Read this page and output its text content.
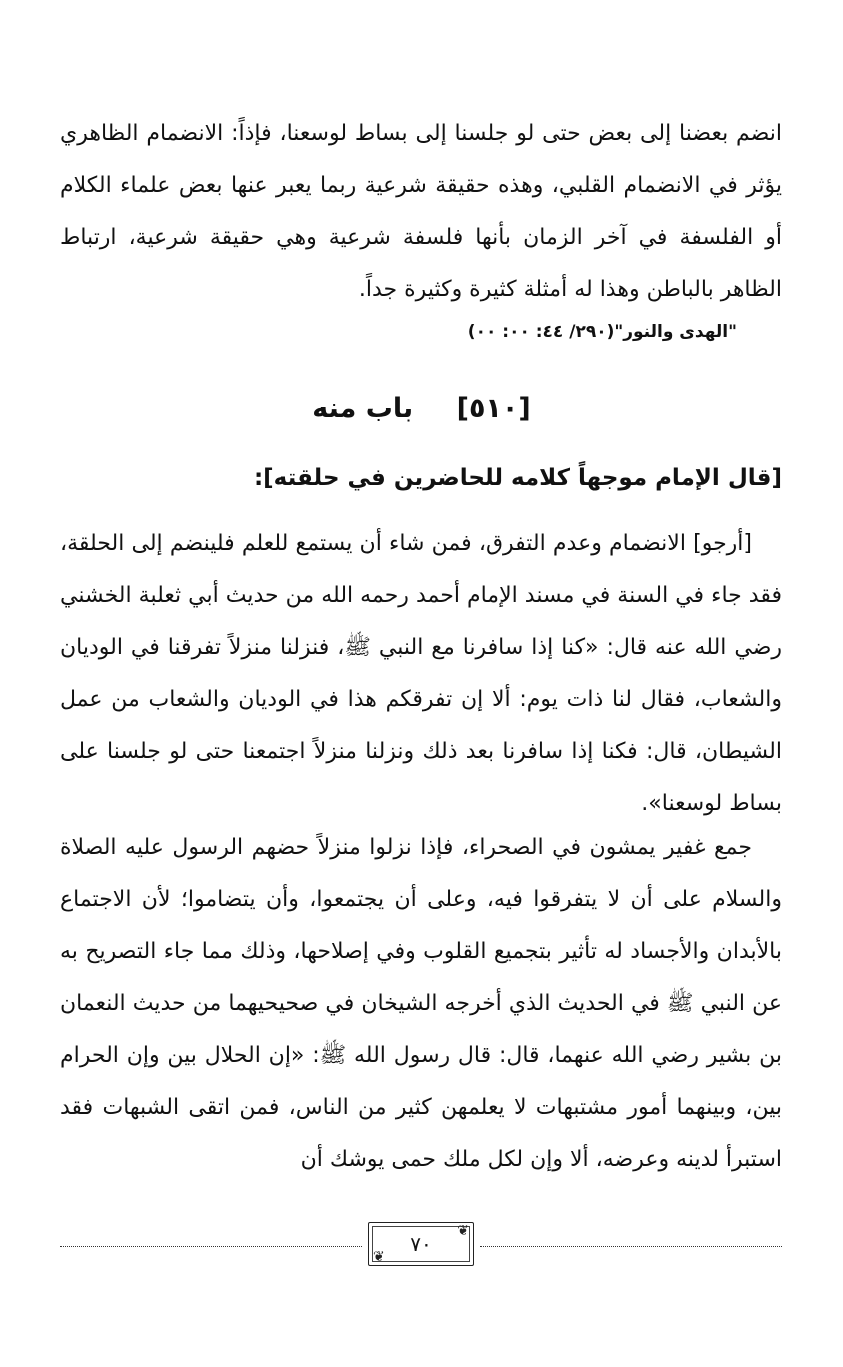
انضم بعضنا إلى بعض حتى لو جلسنا إلى بساط لوسعنا، فإذاً: الانضمام الظاهري يؤثر في الانضمام القلبي، وهذه حقيقة شرعية ربما يعبر عنها بعض علماء الكلام أو الفلسفة في آخر الزمان بأنها فلسفة شرعية وهي حقيقة شرعية، ارتباط الظاهر بالباطن وهذا له أمثلة كثيرة وكثيرة جداً.

"الهدى والنور"(٢٩٠/ ٤٤: ٠٠: ٠٠)

[٥١٠] باب منه

[قال الإمام موجهاً كلامه للحاضرين في حلقته]:

[أرجو] الانضمام وعدم التفرق، فمن شاء أن يستمع للعلم فلينضم إلى الحلقة، فقد جاء في السنة في مسند الإمام أحمد رحمه الله من حديث أبي ثعلبة الخشني رضي الله عنه قال: «كنا إذا سافرنا مع النبي ﷺ، فنزلنا منزلاً تفرقنا في الوديان والشعاب، فقال لنا ذات يوم: ألا إن تفرقكم هذا في الوديان والشعاب من عمل الشيطان، قال: فكنا إذا سافرنا بعد ذلك ونزلنا منزلاً اجتمعنا حتى لو جلسنا على بساط لوسعنا».

جمع غفير يمشون في الصحراء، فإذا نزلوا منزلاً حضهم الرسول عليه الصلاة والسلام على أن لا يتفرقوا فيه، وعلى أن يجتمعوا، وأن يتضاموا؛ لأن الاجتماع بالأبدان والأجساد له تأثير بتجميع القلوب وفي إصلاحها، وذلك مما جاء التصريح به عن النبي ﷺ في الحديث الذي أخرجه الشيخان في صحيحيهما من حديث النعمان بن بشير رضي الله عنهما، قال: قال رسول الله ﷺ: «إن الحلال بين وإن الحرام بين، وبينهما أمور مشتبهات لا يعلمهن كثير من الناس، فمن اتقى الشبهات فقد استبرأ لدينه وعرضه، ألا وإن لكل ملك حمى يوشك أن

❦
❦
٧٠
